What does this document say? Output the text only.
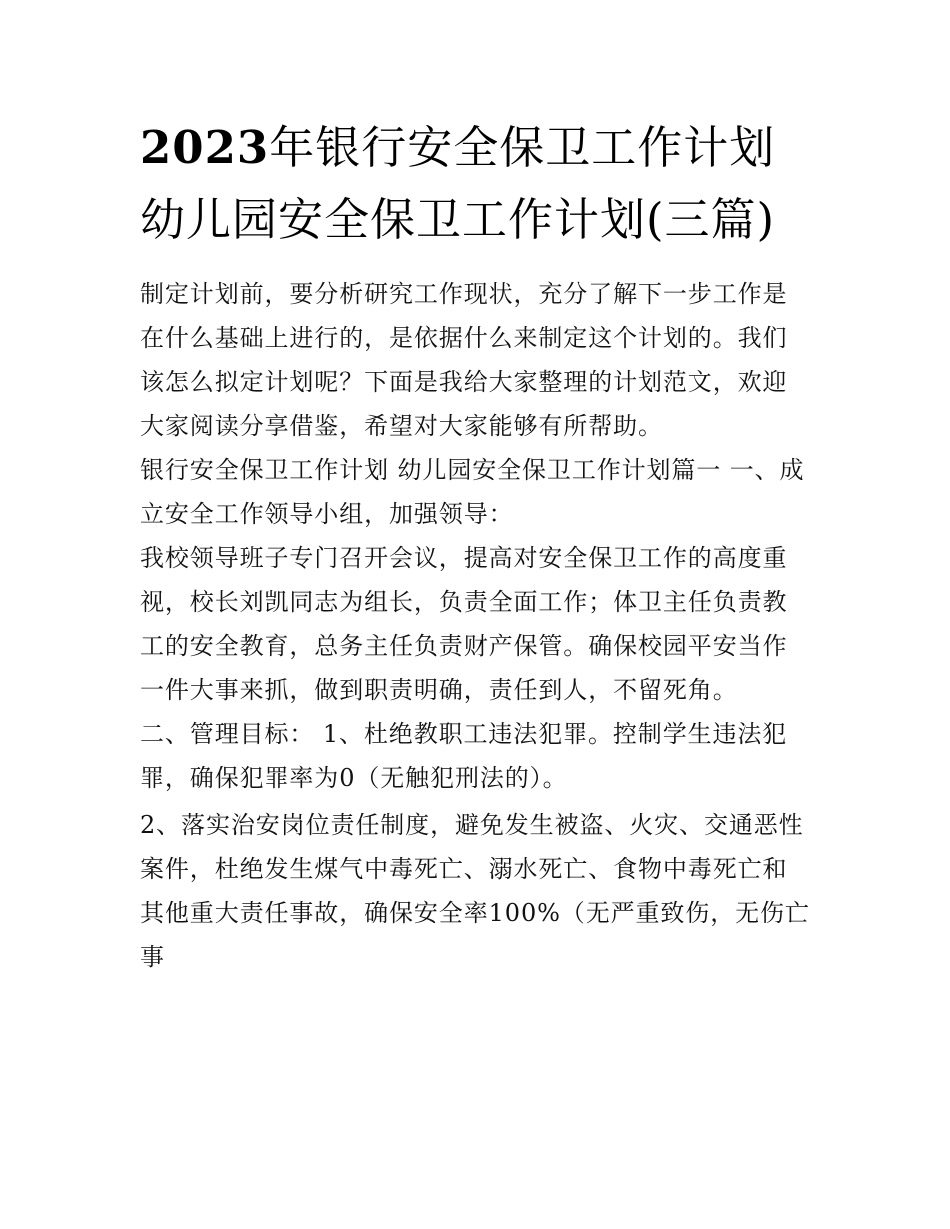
2023年银行安全保卫工作计划 幼儿园安全保卫工作计划(三篇)

制定计划前，要分析研究工作现状，充分了解下一步工作是在什么基础上进行的，是依据什么来制定这个计划的。我们该怎么拟定计划呢？下面是我给大家整理的计划范文，欢迎大家阅读分享借鉴，希望对大家能够有所帮助。

银行安全保卫工作计划 幼儿园安全保卫工作计划篇一 一、成立安全工作领导小组，加强领导：

我校领导班子专门召开会议，提高对安全保卫工作的高度重视，校长刘凯同志为组长，负责全面工作；体卫主任负责教工的安全教育，总务主任负责财产保管。确保校园平安当作一件大事来抓，做到职责明确，责任到人，不留死角。

二、管理目标： 1、杜绝教职工违法犯罪。控制学生违法犯罪，确保犯罪率为0（无触犯刑法的）。

2、落实治安岗位责任制度，避免发生被盗、火灾、交通恶性案件，杜绝发生煤气中毒死亡、溺水死亡、食物中毒死亡和其他重大责任事故，确保安全率100%（无严重致伤，无伤亡事
